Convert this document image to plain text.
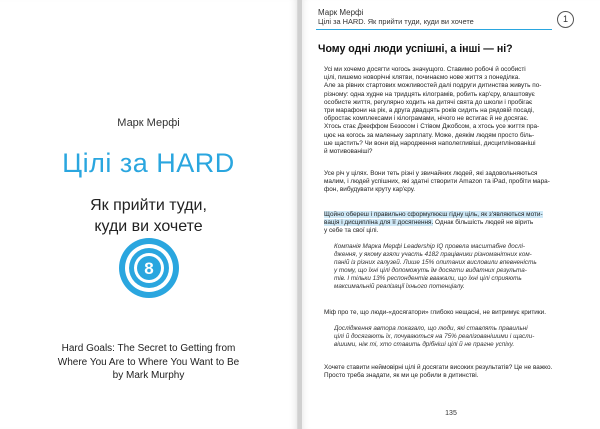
Марк Мерфі
Цілі за HARD
Як прийти туди,
куди ви хочете
8
Hard Goals: The Secret to Getting from
Where You Are to Where You Want to Be
by Mark Murphy
Марк Мерфі
Цілі за HARD. Як прийти туди, куди ви хочете	1
Чому одні люди успішні, а інші — ні?
Усі ми хочемо досягти чогось значущого. Ставимо робочі й особисті
цілі, пишемо новорічні клятви, починаємо нове життя з понеділка.
Але за рівних стартових можливостей далі подруги дитинства живуть по-
різному: одна худне на тридцять кілограмів, робить кар'єру, влаштовує
особисте життя, регулярно ходить на дитячі свята до школи і пробігає
три марафони на рік, а друга двадцять років сидить на рядовій посаді,
обростає комплексами і кілограмами, нічого не встигає й не досягає.
Хтось стає Джеффом Безосом і Стівом Джобсом, а хтось усе життя пра-
цює на когось за маленьку зарплату. Може, деякім людям просто біль-
ше щастить? Чи вони від народження наполегливіші, дисциплінованіші
й мотивованіші?
Усе річ у цілях. Вони теть різні у звичайних людей, які задовольняються
малим, і людей успішних, які здатні створити Amazon та iPad, пробіти мара-
фон, вибудувати круту кар'єру.
Щойно обереш і правильно сформулюєш гідну ціль, як з'являються моти-
вація і дисципліна для її досягнення. Однак більшість людей не вірить
у себе та свої цілі.
Компанія Марка Мерфі Leadership IQ провела масштабне дослі-
дження, у якому взяли участь 4182 працівники різноманітних ком-
паній із різних галузей. Лише 15% опитаних висловили впевненість
у тому, що їхні цілі допоможуть їм досягти видатних результа-
тів. І тільки 13% респондентів вважали, що їхні цілі сприяють
максимальній реалізації їхнього потенціалу.
Міф про те, що люди-«досягатори» глибоко нещасні, не витримує критики.
Дослідження автора показало, що люди, які ставлять правильні
цілі й досягають їх, почуваються на 75% реалізованішими і щасли-
вішими, ніж ті, хто ставить дрібніші цілі й не прагне успіху.
Хочете ставити неймовірні цілі й досягати високих результатів? Це не важко.
Просто треба знадати, як ми це робили в дитинстві.
135
